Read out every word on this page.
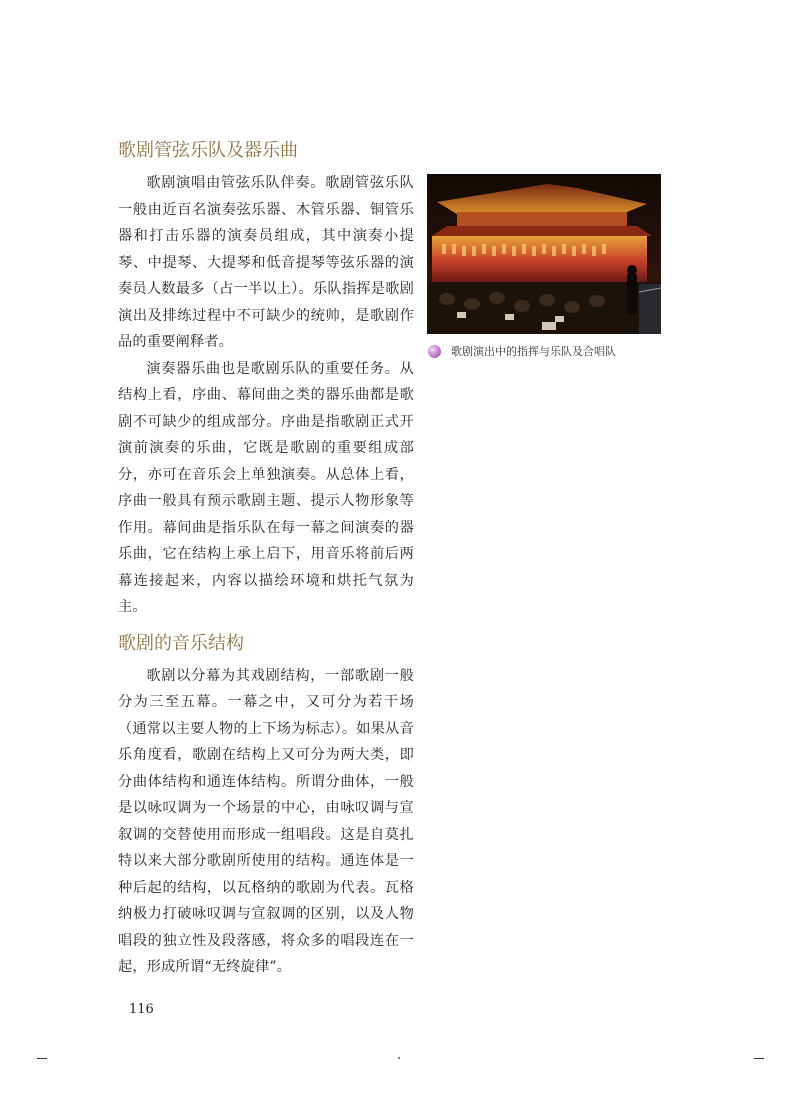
歌剧管弦乐队及器乐曲

歌剧演唱由管弦乐队伴奏。歌剧管弦乐队一般由近百名演奏弦乐器、木管乐器、铜管乐器和打击乐器的演奏员组成，其中演奏小提琴、中提琴、大提琴和低音提琴等弦乐器的演奏员人数最多（占一半以上）。乐队指挥是歌剧演出及排练过程中不可缺少的统帅，是歌剧作品的重要阐释者。

演奏器乐曲也是歌剧乐队的重要任务。从结构上看，序曲、幕间曲之类的器乐曲都是歌剧不可缺少的组成部分。序曲是指歌剧正式开演前演奏的乐曲，它既是歌剧的重要组成部分，亦可在音乐会上单独演奏。从总体上看，序曲一般具有预示歌剧主题、提示人物形象等作用。幕间曲是指乐队在每一幕之间演奏的器乐曲，它在结构上承上启下，用音乐将前后两幕连接起来，内容以描绘环境和烘托气氛为主。

歌剧的音乐结构

歌剧以分幕为其戏剧结构，一部歌剧一般分为三至五幕。一幕之中，又可分为若干场（通常以主要人物的上下场为标志）。如果从音乐角度看，歌剧在结构上又可分为两大类，即分曲体结构和通连体结构。所谓分曲体，一般是以咏叹调为一个场景的中心，由咏叹调与宣叙调的交替使用而形成一组唱段。这是自莫扎特以来大部分歌剧所使用的结构。通连体是一种后起的结构，以瓦格纳的歌剧为代表。瓦格纳极力打破咏叹调与宣叙调的区别，以及人物唱段的独立性及段落感，将众多的唱段连在一起，形成所谓“无终旋律”。

歌剧演出中的指挥与乐队及合唱队
116
